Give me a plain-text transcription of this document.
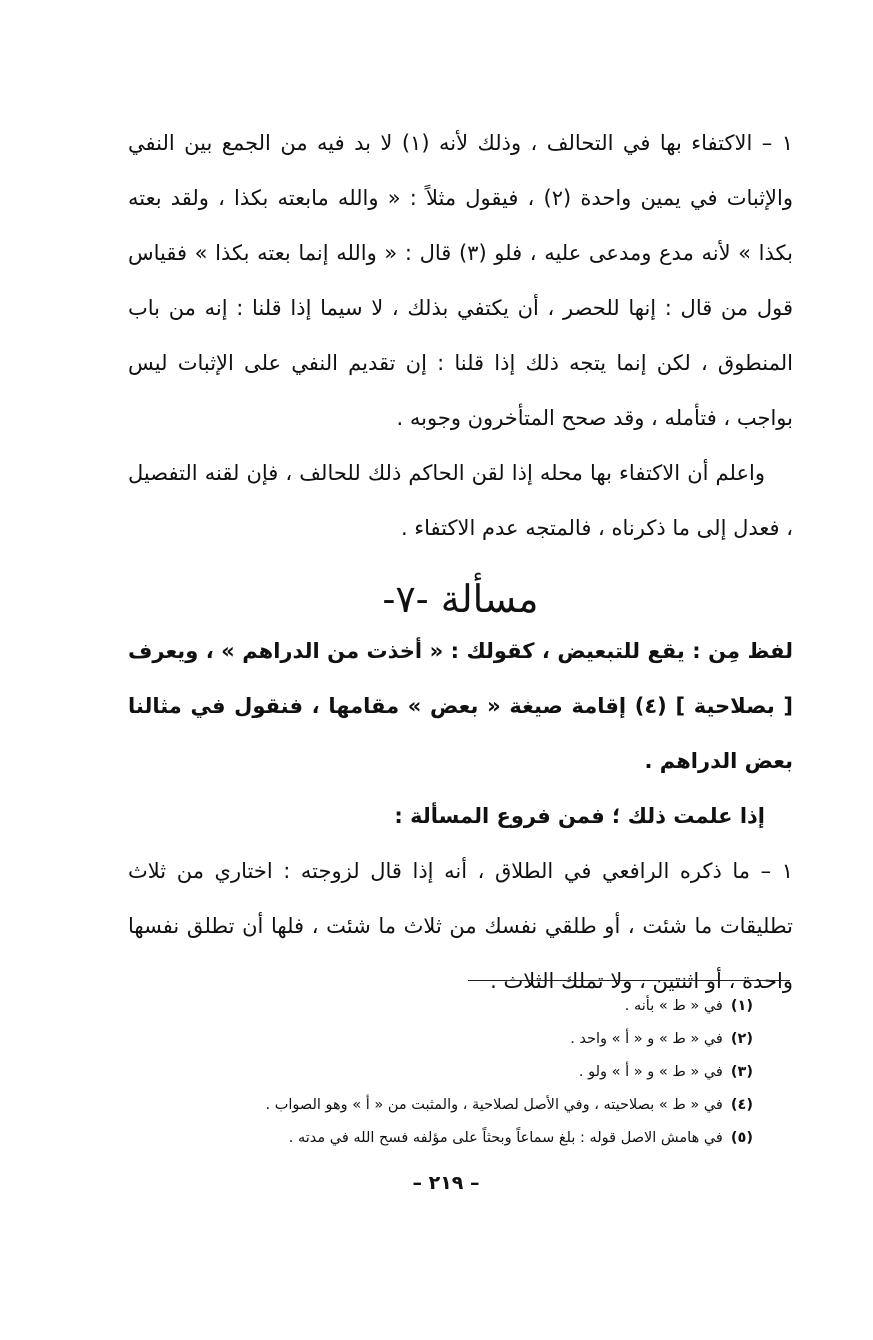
١ – الاكتفاء بها في التحالف ، وذلك لأنه (١) لا بد فيه من الجمع بين النفي والإثبات في يمين واحدة (٢) ، فيقول مثلاً : « والله مابعته بكذا ، ولقد بعته بكذا » لأنه مدع ومدعى عليه ، فلو (٣) قال : « والله إنما بعته بكذا » فقياس قول من قال : إنها للحصر ، أن يكتفي بذلك ، لا سيما إذا قلنا : إنه من باب المنطوق ، لكن إنما يتجه ذلك إذا قلنا : إن تقديم النفي على الإثبات ليس بواجب ، فتأمله ، وقد صحح المتأخرون وجوبه .

واعلم أن الاكتفاء بها محله إذا لقن الحاكم ذلك للحالف ، فإن لقنه التفصيل ، فعدل إلى ما ذكرناه ، فالمتجه عدم الاكتفاء .

مسألة -٧-

لفظ مِن : يقع للتبعيض ، كقولك : « أخذت من الدراهم » ، ويعرف [ بصلاحية ] (٤) إقامة صيغة « بعض » مقامها ، فنقول في مثالنا بعض الدراهم .

إذا علمت ذلك ؛ فمن فروع المسألة :

١ – ما ذكره الرافعي في الطلاق ، أنه إذا قال لزوجته : اختاري من ثلاث تطليقات ما شئت ، أو طلقي نفسك من ثلاث ما شئت ، فلها أن تطلق نفسها واحدة ، أو اثنتين ، ولا تملك الثلاث .

(١)في « ط » بأنه .
(٢)في « ط » و « أ » واحد .
(٣)في « ط » و « أ » ولو .
(٤)في « ط » بصلاحيته ، وفي الأصل لصلاحية ، والمثبت من « أ » وهو الصواب .
(٥)في هامش الاصل قوله : بلغ سماعاً وبحثاً على مؤلفه فسح الله في مدته .
– ٢١٩ –
